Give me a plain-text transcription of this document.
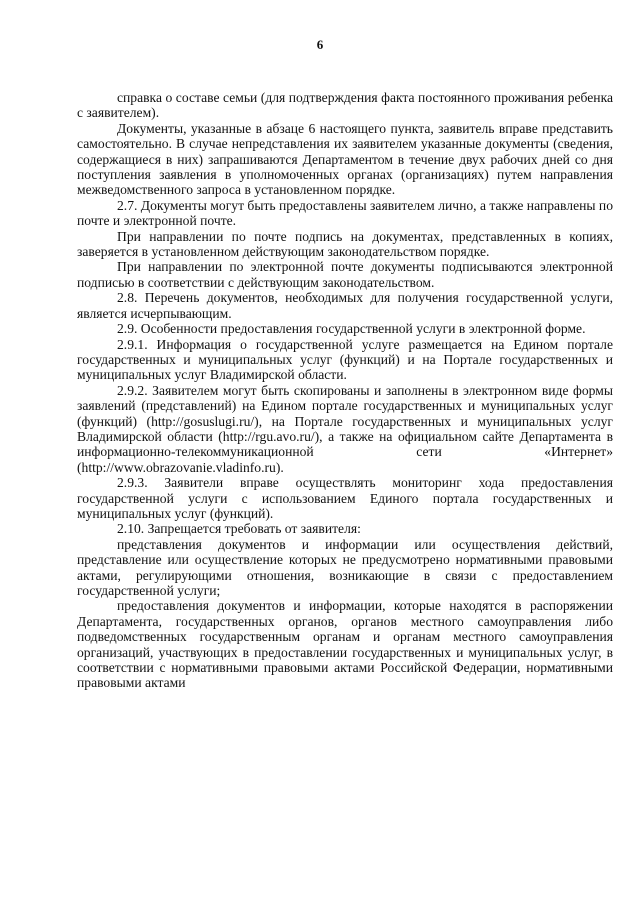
6

справка о составе семьи (для подтверждения факта постоянного проживания ребенка с заявителем).

Документы, указанные в абзаце 6 настоящего пункта, заявитель вправе представить самостоятельно. В случае непредставления их заявителем указанные документы (сведения, содержащиеся в них) запрашиваются Департаментом в течение двух рабочих дней со дня поступления заявления в уполномоченных органах (организациях) путем направления межведомственного запроса в установленном порядке.

2.7. Документы могут быть предоставлены заявителем лично, а также направлены по почте и электронной почте.

При направлении по почте подпись на документах, представленных в копиях, заверяется в установленном действующим законодательством порядке.

При направлении по электронной почте документы подписываются электронной подписью в соответствии с действующим законодательством.

2.8. Перечень документов, необходимых для получения государственной услуги, является исчерпывающим.

2.9. Особенности предоставления государственной услуги в электронной форме.

2.9.1. Информация о государственной услуге размещается на Едином портале государственных и муниципальных услуг (функций) и на Портале государственных и муниципальных услуг Владимирской области.

2.9.2. Заявителем могут быть скопированы и заполнены в электронном виде формы заявлений (представлений) на Едином портале государственных и муниципальных услуг (функций) (http://gosuslugi.ru/), на Портале государственных и муниципальных услуг Владимирской области (http://rgu.avo.ru/), а также на официальном сайте Департамента в информационно-телекоммуникационной сети «Интернет» (http://www.obrazovanie.vladinfo.ru).

2.9.3. Заявители вправе осуществлять мониторинг хода предоставления государственной услуги с использованием Единого портала государственных и муниципальных услуг (функций).

2.10. Запрещается требовать от заявителя:

представления документов и информации или осуществления действий, представление или осуществление которых не предусмотрено нормативными правовыми актами, регулирующими отношения, возникающие в связи с предоставлением государственной услуги;

предоставления документов и информации, которые находятся в распоряжении Департамента, государственных органов, органов местного самоуправления либо подведомственных государственным органам и органам местного самоуправления организаций, участвующих в предоставлении государственных и муниципальных услуг, в соответствии с нормативными правовыми актами Российской Федерации, нормативными правовыми актами
